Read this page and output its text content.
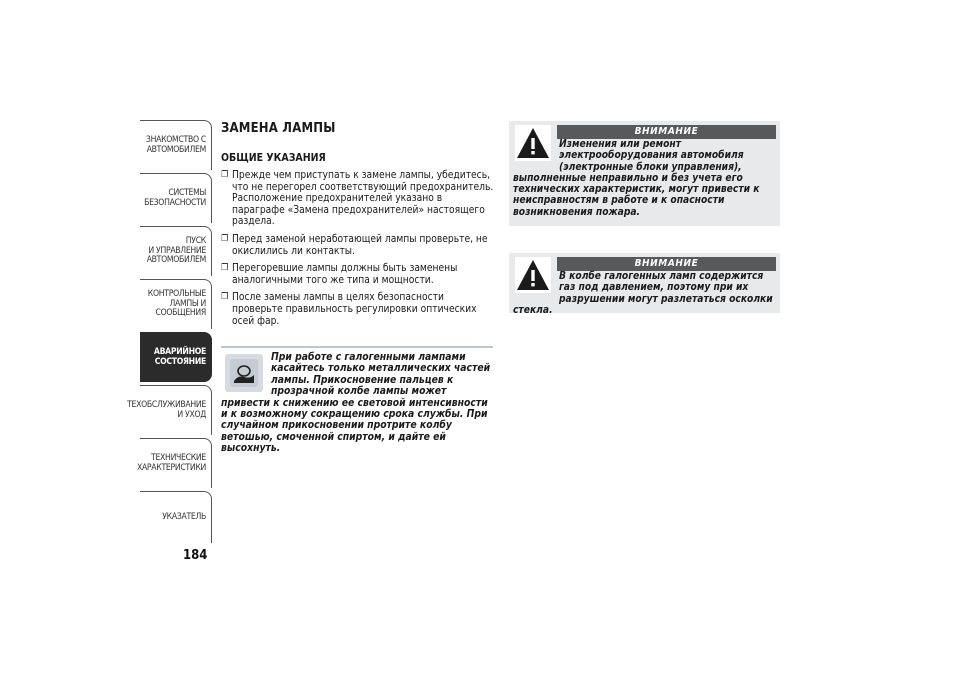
ЗНАКОМСТВО С
АВТОМОБИЛЕМ
СИСТЕМЫ
БЕЗОПАСНОСТИ
ПУСК
И УПРАВЛЕНИЕ
АВТОМОБИЛЕМ
КОНТРОЛЬНЫЕ
ЛАМПЫ И
СООБЩЕНИЯ
АВАРИЙНОЕ
СОСТОЯНИЕ
ТЕХОБСЛУЖИВАНИЕ
И УХОД
ТЕХНИЧЕСКИЕ
ХАРАКТЕРИСТИКИ
УКАЗАТЕЛЬ
184
ЗАМЕНА ЛАМПЫ
ОБЩИЕ УКАЗАНИЯ
❐ Прежде чем приступать к замене лампы, убедитесь, что не перегорел соответствующий предохранитель. Расположение предохранителей указано в параграфе «Замена предохранителей» настоящего раздела.
❐ Перед заменой неработающей лампы проверьте, не окислились ли контакты.
❐ Перегоревшие лампы должны быть заменены аналогичными того же типа и мощности.
❐ После замены лампы в целях безопасности проверьте правильность регулировки оптических осей фар.
При работе с галогенными лампами касайтесь только металлических частей лампы. Прикосновение пальцев к прозрачной колбе лампы может привести к снижению ее световой интенсивности и к возможному сокращению срока службы. При случайном прикосновении протрите колбу ветошью, смоченной спиртом, и дайте ей высохнуть.
ВНИМАНИЕ
Изменения или ремонт электрооборудования автомобиля (электронные блоки управления), выполненные неправильно и без учета его технических характеристик, могут привести к неисправностям в работе и к опасности возникновения пожара.
ВНИМАНИЕ
В колбе галогенных ламп содержится газ под давлением, поэтому при их разрушении могут разлетаться осколки стекла.
